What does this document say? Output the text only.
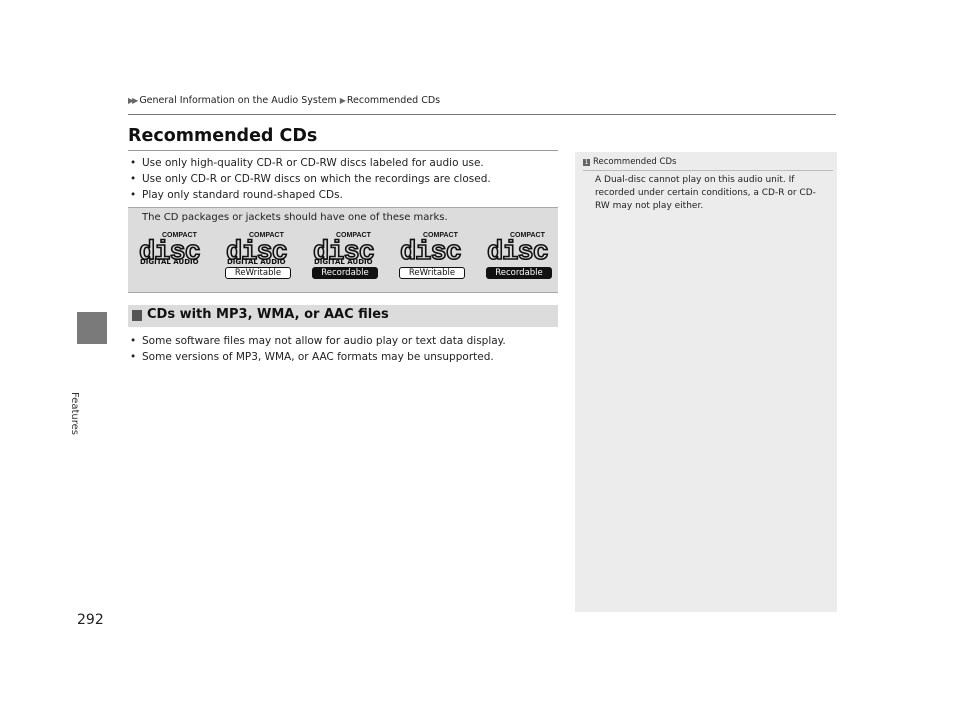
▶▶ General Information on the Audio System ▶ Recommended CDs
Features
292
Recommended CDs
• Use only high-quality CD-R or CD-RW discs labeled for audio use.
• Use only CD-R or CD-RW discs on which the recordings are closed.
• Play only standard round-shaped CDs.
The CD packages or jackets should have one of these marks.
COMPACT
disc
DIGITAL AUDIO
COMPACT
disc
DIGITAL AUDIO
ReWritable
COMPACT
disc
DIGITAL AUDIO
Recordable
COMPACT
disc
ReWritable
COMPACT
disc
Recordable
CDs with MP3, WMA, or AAC files
• Some software files may not allow for audio play or text data display.
• Some versions of MP3, WMA, or AAC formats may be unsupported.
1 Recommended CDs

A Dual-disc cannot play on this audio unit. If recorded under certain conditions, a CD-R or CD-RW may not play either.
